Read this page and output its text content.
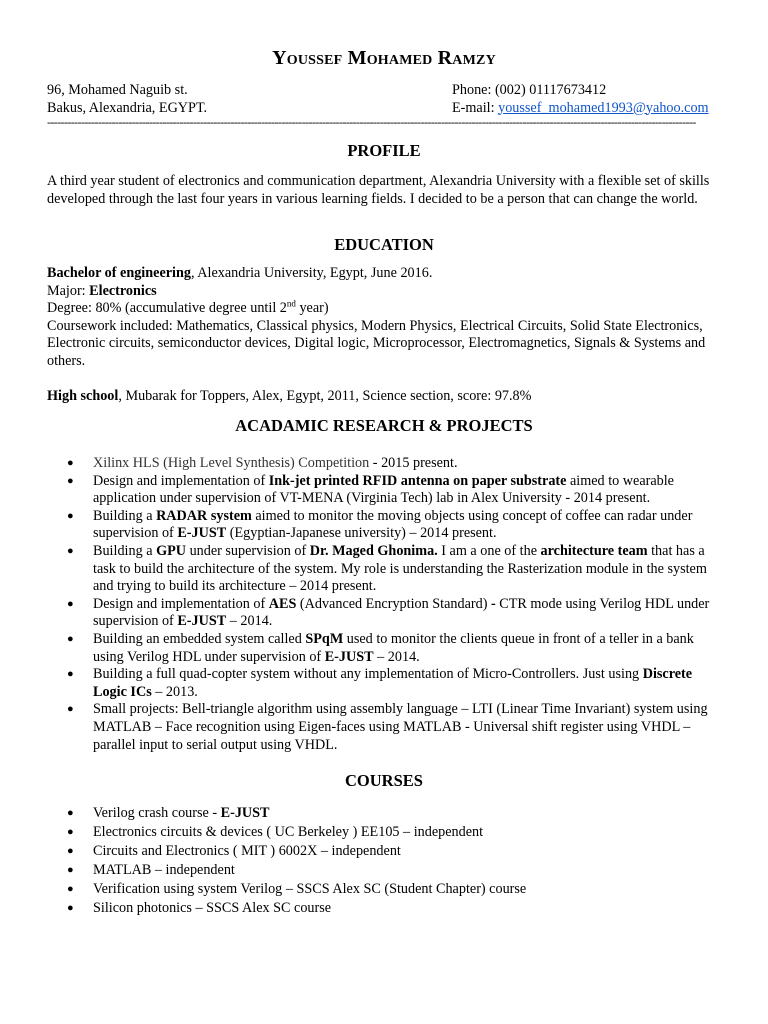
Youssef Mohamed Ramzy
96, Mohamed Naguib st.
Bakus, Alexandria, EGYPT.
Phone: (002) 01117673412
E-mail: youssef_mohamed1993@yahoo.com
-----------------------------------------------------------------------------------------------------------------------------------------------------------------------------------------------
PROFILE

A third year student of electronics and communication department, Alexandria University with a flexible set of skills developed through the last four years in various learning fields. I decided to be a person that can change the world.

EDUCATION

Bachelor of engineering, Alexandria University, Egypt, June 2016.

Major: Electronics

Degree: 80% (accumulative degree until 2nd year)

Coursework included: Mathematics, Classical physics, Modern Physics, Electrical Circuits, Solid State Electronics, Electronic circuits, semiconductor devices, Digital logic, Microprocessor, Electromagnetics, Signals & Systems and others.

High school, Mubarak for Toppers, Alex, Egypt, 2011, Science section, score: 97.8%

ACADAMIC RESEARCH & PROJECTS
● Xilinx HLS (High Level Synthesis) Competition - 2015 present.
● Design and implementation of Ink-jet printed RFID antenna on paper substrate aimed to wearable application under supervision of VT-MENA (Virginia Tech) lab in Alex University - 2014 present.
● Building a RADAR system aimed to monitor the moving objects using concept of coffee can radar under supervision of E-JUST (Egyptian-Japanese university) – 2014 present.
● Building a GPU under supervision of Dr. Maged Ghonima. I am a one of the architecture team that has a task to build the architecture of the system. My role is understanding the Rasterization module in the system and trying to build its architecture – 2014 present.
● Design and implementation of AES (Advanced Encryption Standard) - CTR mode using Verilog HDL under supervision of E-JUST – 2014.
● Building an embedded system called SPqM used to monitor the clients queue in front of a teller in a bank using Verilog HDL under supervision of E-JUST – 2014.
● Building a full quad-copter system without any implementation of Micro-Controllers. Just using Discrete Logic ICs – 2013.
● Small projects: Bell-triangle algorithm using assembly language – LTI (Linear Time Invariant) system using MATLAB – Face recognition using Eigen-faces using MATLAB - Universal shift register using VHDL – parallel input to serial output using VHDL.
COURSES
● Verilog crash course - E-JUST
● Electronics circuits & devices ( UC Berkeley ) EE105 – independent
● Circuits and Electronics ( MIT ) 6002X – independent
● MATLAB – independent
● Verification using system Verilog – SSCS Alex SC (Student Chapter) course
● Silicon photonics – SSCS Alex SC course
